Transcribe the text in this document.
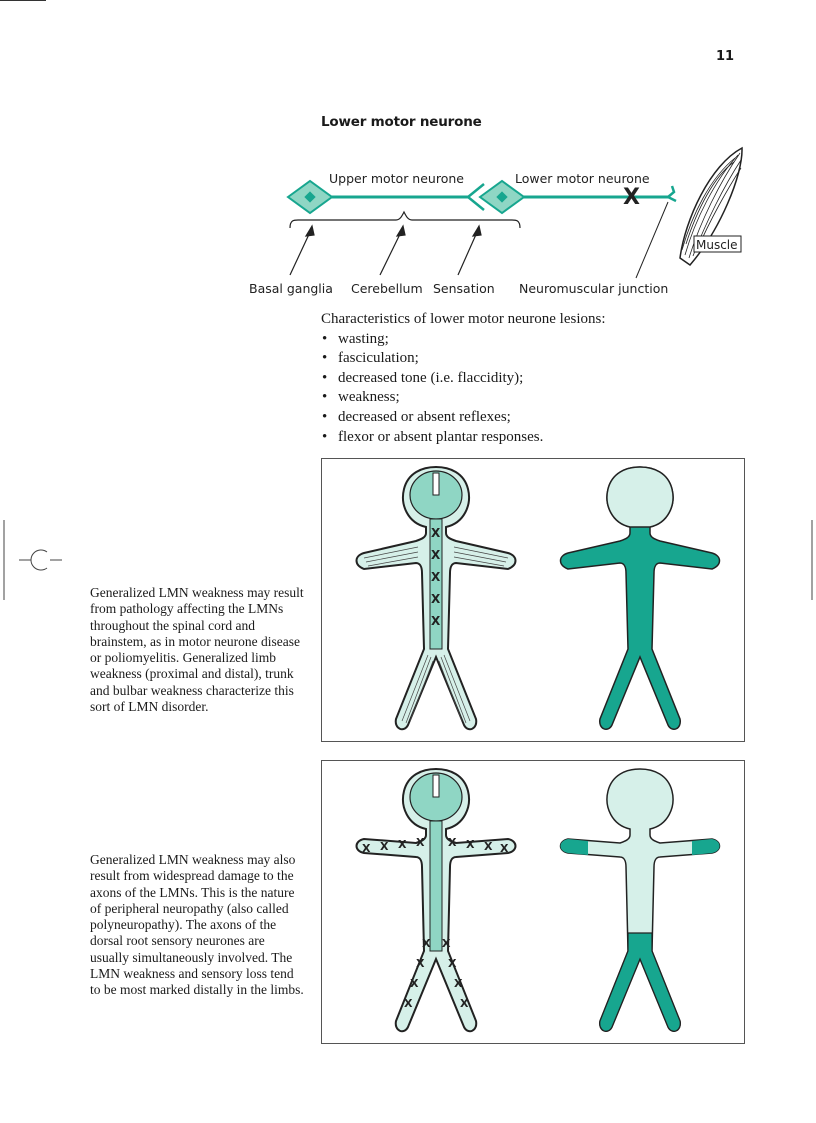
11
Lower motor neurone
Upper motor neurone	Lower motor neurone
X
Muscle
Basal ganglia Cerebellum Sensation Neuromuscular junction
Characteristics of lower motor neurone lesions:
• wasting;
• fasciculation;
• decreased tone (i.e. flaccidity);
• weakness;
• decreased or absent reflexes;
• flexor or absent plantar responses.
X
X
X
X
X
Generalized LMN weakness may result from pathology affecting the LMNs throughout the spinal cord and brainstem, as in motor neurone disease or poliomyelitis. Generalized limb weakness (proximal and distal), trunk and bulbar weakness characterize this sort of LMN disorder.
X X X X X X X X
X
X
X
X
X
X
X
X
Generalized LMN weakness may also result from widespread damage to the axons of the LMNs. This is the nature of peripheral neuropathy (also called polyneuropathy). The axons of the dorsal root sensory neurones are usually simultaneously involved. The LMN weakness and sensory loss tend to be most marked distally in the limbs.
